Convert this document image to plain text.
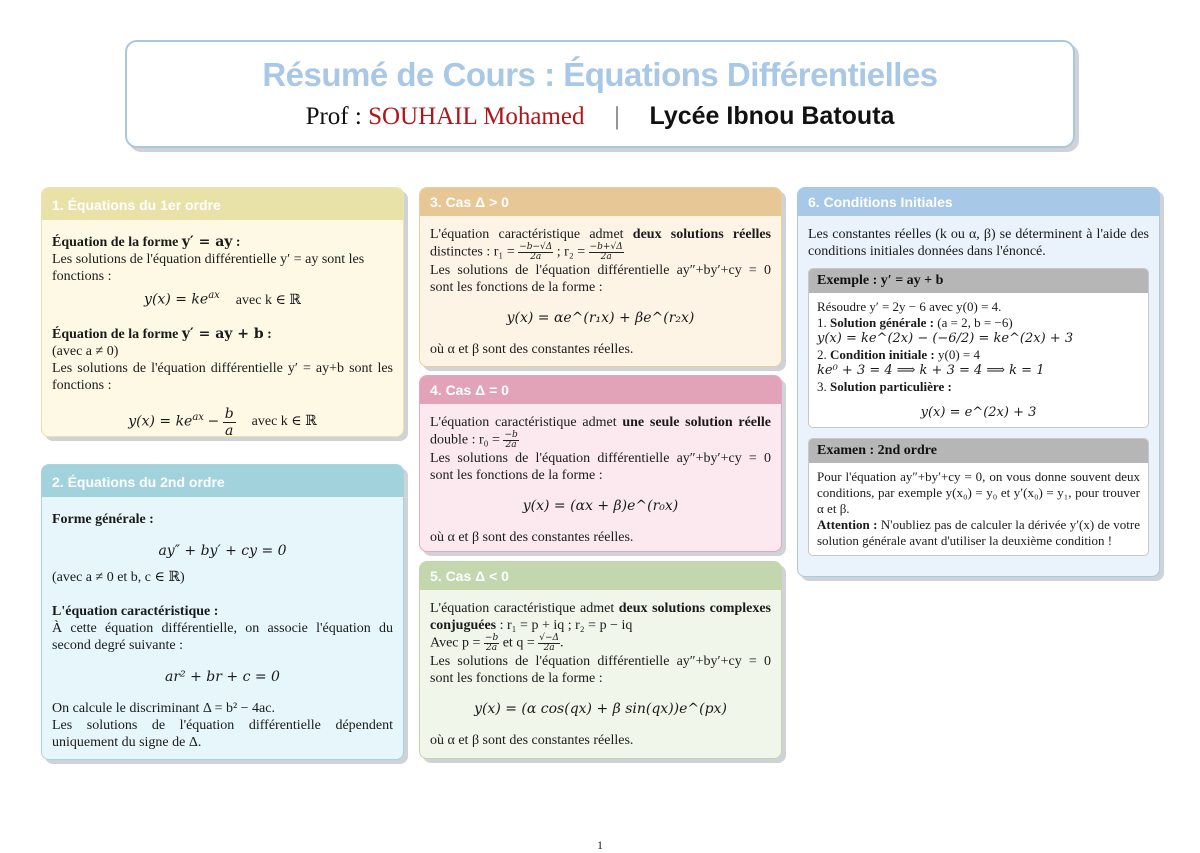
Résumé de Cours : Équations Différentielles
Prof : SOUHAIL Mohamed | Lycée Ibnou Batouta
1. Équations du 1er ordre

Équation de la forme y′ = ay :

Les solutions de l'équation différentielle y′ = ay sont les fonctions :

$y(x) = ke^{ax}$ avec k ∈ ℝ

Équation de la forme y′ = ay + b :

(avec a ≠ 0)

Les solutions de l'équation différentielle y′ = ay+b sont les fonctions :

$y(x) = ke^{ax} - \frac{b}{a}$ avec k ∈ ℝ

2. Équations du 2nd ordre

Forme générale :

ay″ + by′ + cy = 0

(avec a ≠ 0 et b, c ∈ ℝ)

L'équation caractéristique :

À cette équation différentielle, on associe l'équation du second degré suivante :

ar² + br + c = 0

On calcule le discriminant Δ = b² − 4ac.

Les solutions de l'équation différentielle dépendent uniquement du signe de Δ.

3. Cas Δ > 0

L'équation caractéristique admet deux solutions réelles distinctes : $r_1 = \frac{-b-√\Delta}{2a}$ ; $r_2 = \frac{-b+√\Delta}{2a}$

Les solutions de l'équation différentielle ay″+by′+cy = 0 sont les fonctions de la forme :

y(x) = αe^(r₁x) + βe^(r₂x)

où α et β sont des constantes réelles.

4. Cas Δ = 0

L'équation caractéristique admet une seule solution réelle double : $r_0 = \frac{-b}{2a}$

Les solutions de l'équation différentielle ay″+by′+cy = 0 sont les fonctions de la forme :

y(x) = (αx + β)e^(r₀x)

où α et β sont des constantes réelles.

5. Cas Δ < 0

L'équation caractéristique admet deux solutions complexes conjuguées : r₁ = p + iq ; r₂ = p − iq

Avec $p = \frac{-b}{2a}$ et $q = \frac{√-\Delta}{2a}$ .

Les solutions de l'équation différentielle ay″+by′+cy = 0 sont les fonctions de la forme :

y(x) = (α cos(qx) + β sin(qx))e^(px)

où α et β sont des constantes réelles.

6. Conditions Initiales

Les constantes réelles (k ou α, β) se déterminent à l'aide des conditions initiales données dans l'énoncé.

Exemple : y′ = ay + b

Résoudre y′ = 2y − 6 avec y(0) = 4.

1. Solution générale : (a = 2, b = −6)

y(x) = ke^(2x) − (−6/2) = ke^(2x) + 3

2. Condition initiale : y(0) = 4

ke⁰ + 3 = 4 ⟹ k + 3 = 4 ⟹ k = 1

3. Solution particulière :

y(x) = e^(2x) + 3

Examen : 2nd ordre

Pour l'équation ay″+by′+cy = 0, on vous donne souvent deux conditions, par exemple y(x₀) = y₀ et y′(x₀) = y₁, pour trouver α et β.

Attention : N'oubliez pas de calculer la dérivée y′(x) de votre solution générale avant d'utiliser la deuxième condition !

1
